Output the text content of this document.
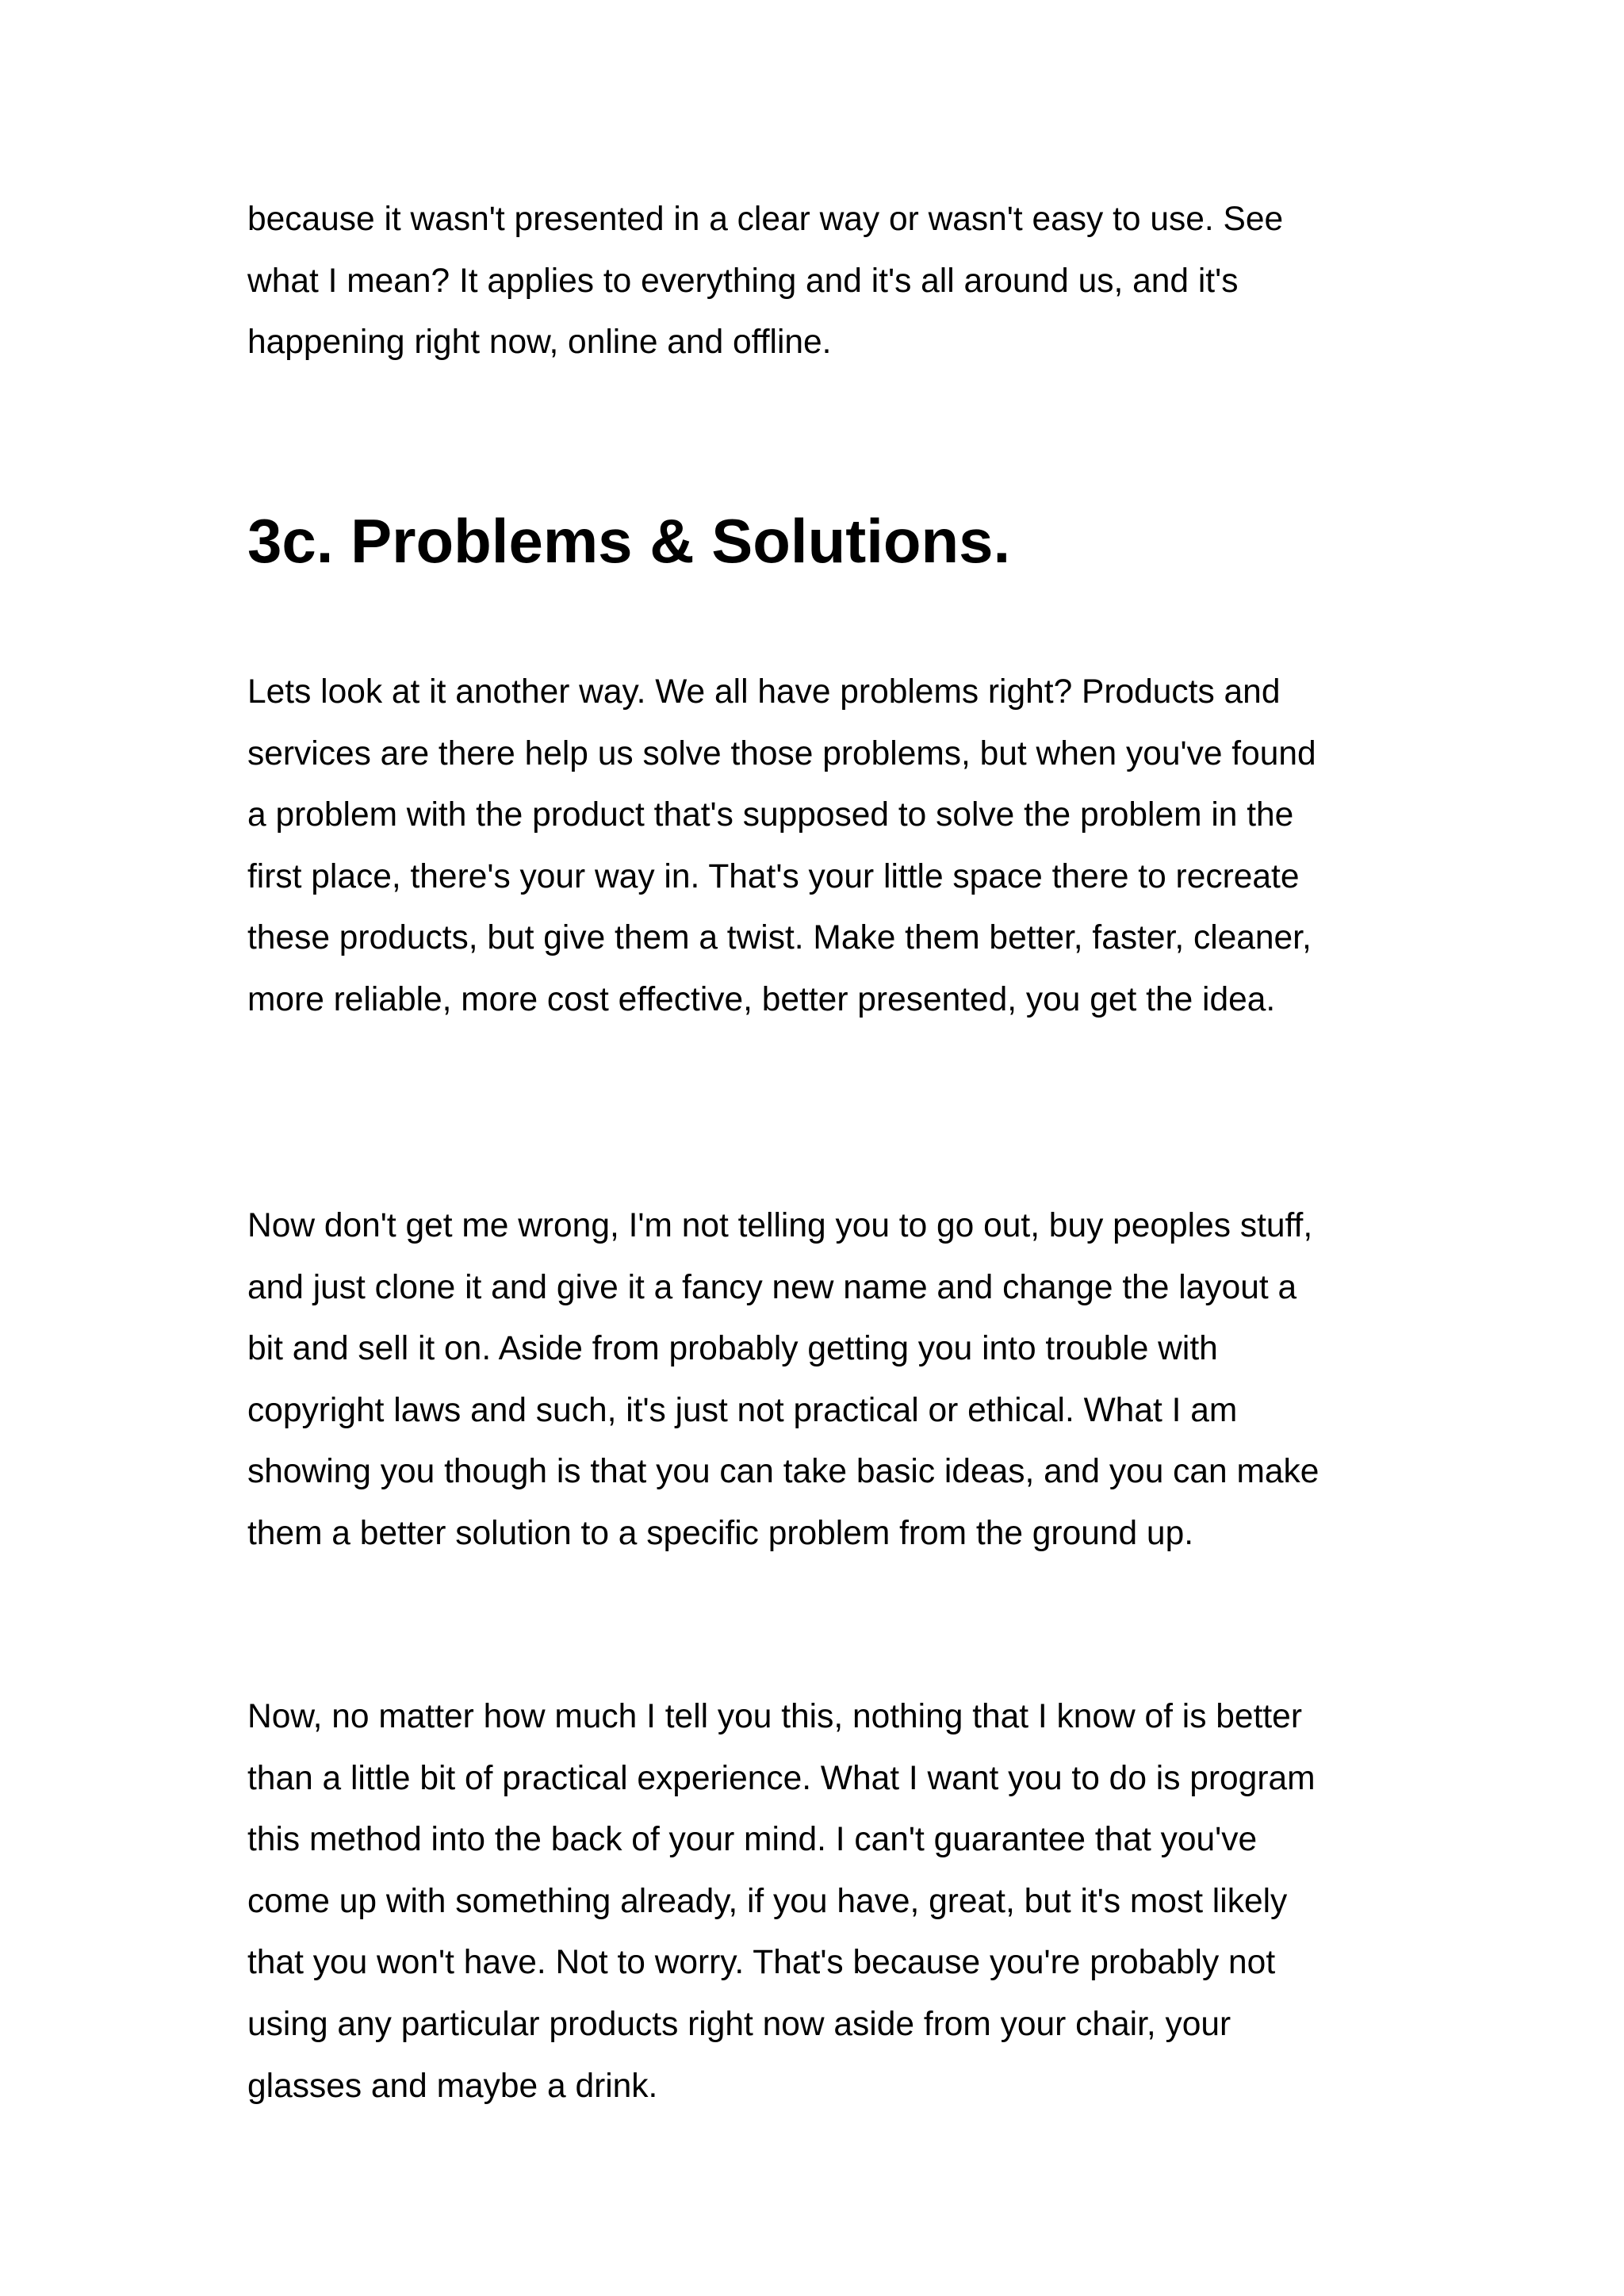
because it wasn't presented in a clear way or wasn't easy to use. See
what I mean? It applies to everything and it's all around us, and it's
happening right now, online and offline.

3c. Problems & Solutions.

Lets look at it another way. We all have problems right? Products and
services are there help us solve those problems, but when you've found
a problem with the product that's supposed to solve the problem in the
first place, there's your way in. That's your little space there to recreate
these products, but give them a twist. Make them better, faster, cleaner,
more reliable, more cost effective, better presented, you get the idea.

Now don't get me wrong, I'm not telling you to go out, buy peoples stuff,
and just clone it and give it a fancy new name and change the layout a
bit and sell it on. Aside from probably getting you into trouble with
copyright laws and such, it's just not practical or ethical. What I am
showing you though is that you can take basic ideas, and you can make
them a better solution to a specific problem from the ground up.

Now, no matter how much I tell you this, nothing that I know of is better
than a little bit of practical experience. What I want you to do is program
this method into the back of your mind. I can't guarantee that you've
come up with something already, if you have, great, but it's most likely
that you won't have. Not to worry. That's because you're probably not
using any particular products right now aside from your chair, your
glasses and maybe a drink.
